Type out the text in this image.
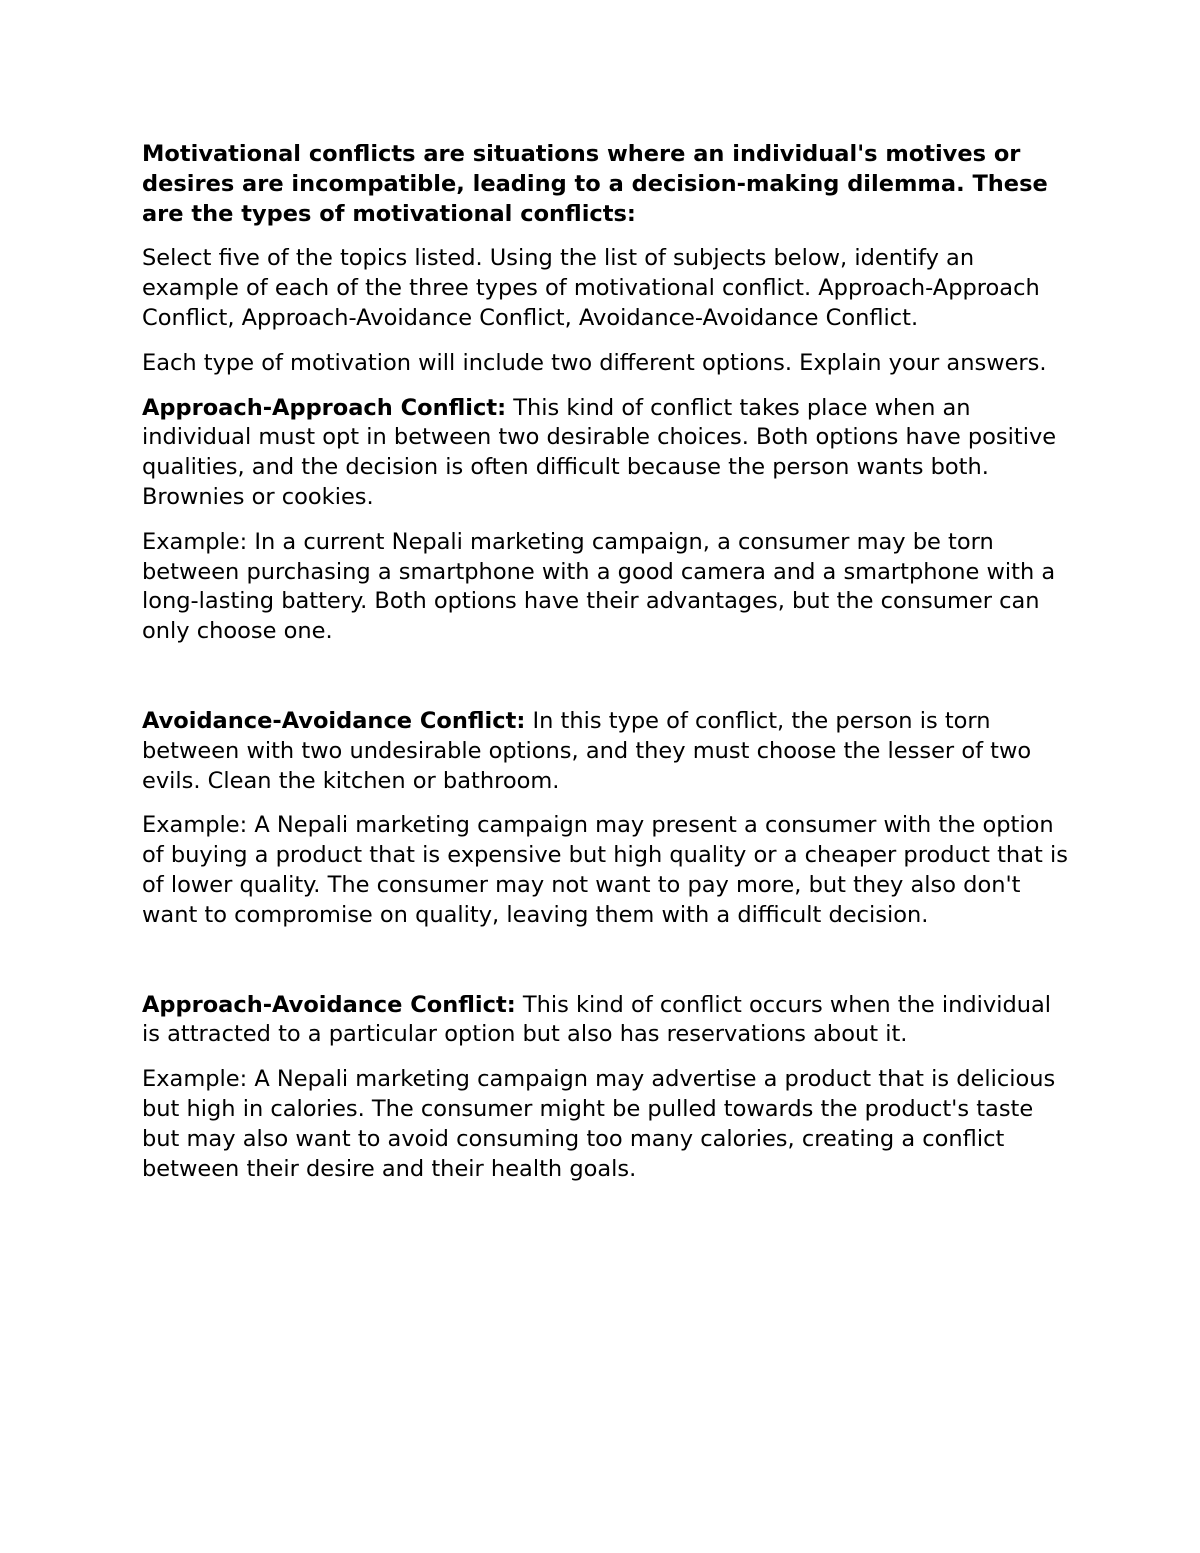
Motivational conflicts are situations where an individual's motives or desires are incompatible, leading to a decision-making dilemma. These are the types of motivational conflicts:

Select five of the topics listed. Using the list of subjects below, identify an example of each of the three types of motivational conflict. Approach-Approach Conflict, Approach-Avoidance Conflict, Avoidance-Avoidance Conflict.

Each type of motivation will include two different options. Explain your answers.

Approach-Approach Conflict: This kind of conflict takes place when an individual must opt in between two desirable choices. Both options have positive qualities, and the decision is often difficult because the person wants both. Brownies or cookies.

Example: In a current Nepali marketing campaign, a consumer may be torn between purchasing a smartphone with a good camera and a smartphone with a long-lasting battery. Both options have their advantages, but the consumer can only choose one.

Avoidance-Avoidance Conflict: In this type of conflict, the person is torn between with two undesirable options, and they must choose the lesser of two evils. Clean the kitchen or bathroom.

Example: A Nepali marketing campaign may present a consumer with the option of buying a product that is expensive but high quality or a cheaper product that is of lower quality. The consumer may not want to pay more, but they also don't want to compromise on quality, leaving them with a difficult decision.

Approach-Avoidance Conflict: This kind of conflict occurs when the individual is attracted to a particular option but also has reservations about it.

Example: A Nepali marketing campaign may advertise a product that is delicious but high in calories. The consumer might be pulled towards the product's taste but may also want to avoid consuming too many calories, creating a conflict between their desire and their health goals.
